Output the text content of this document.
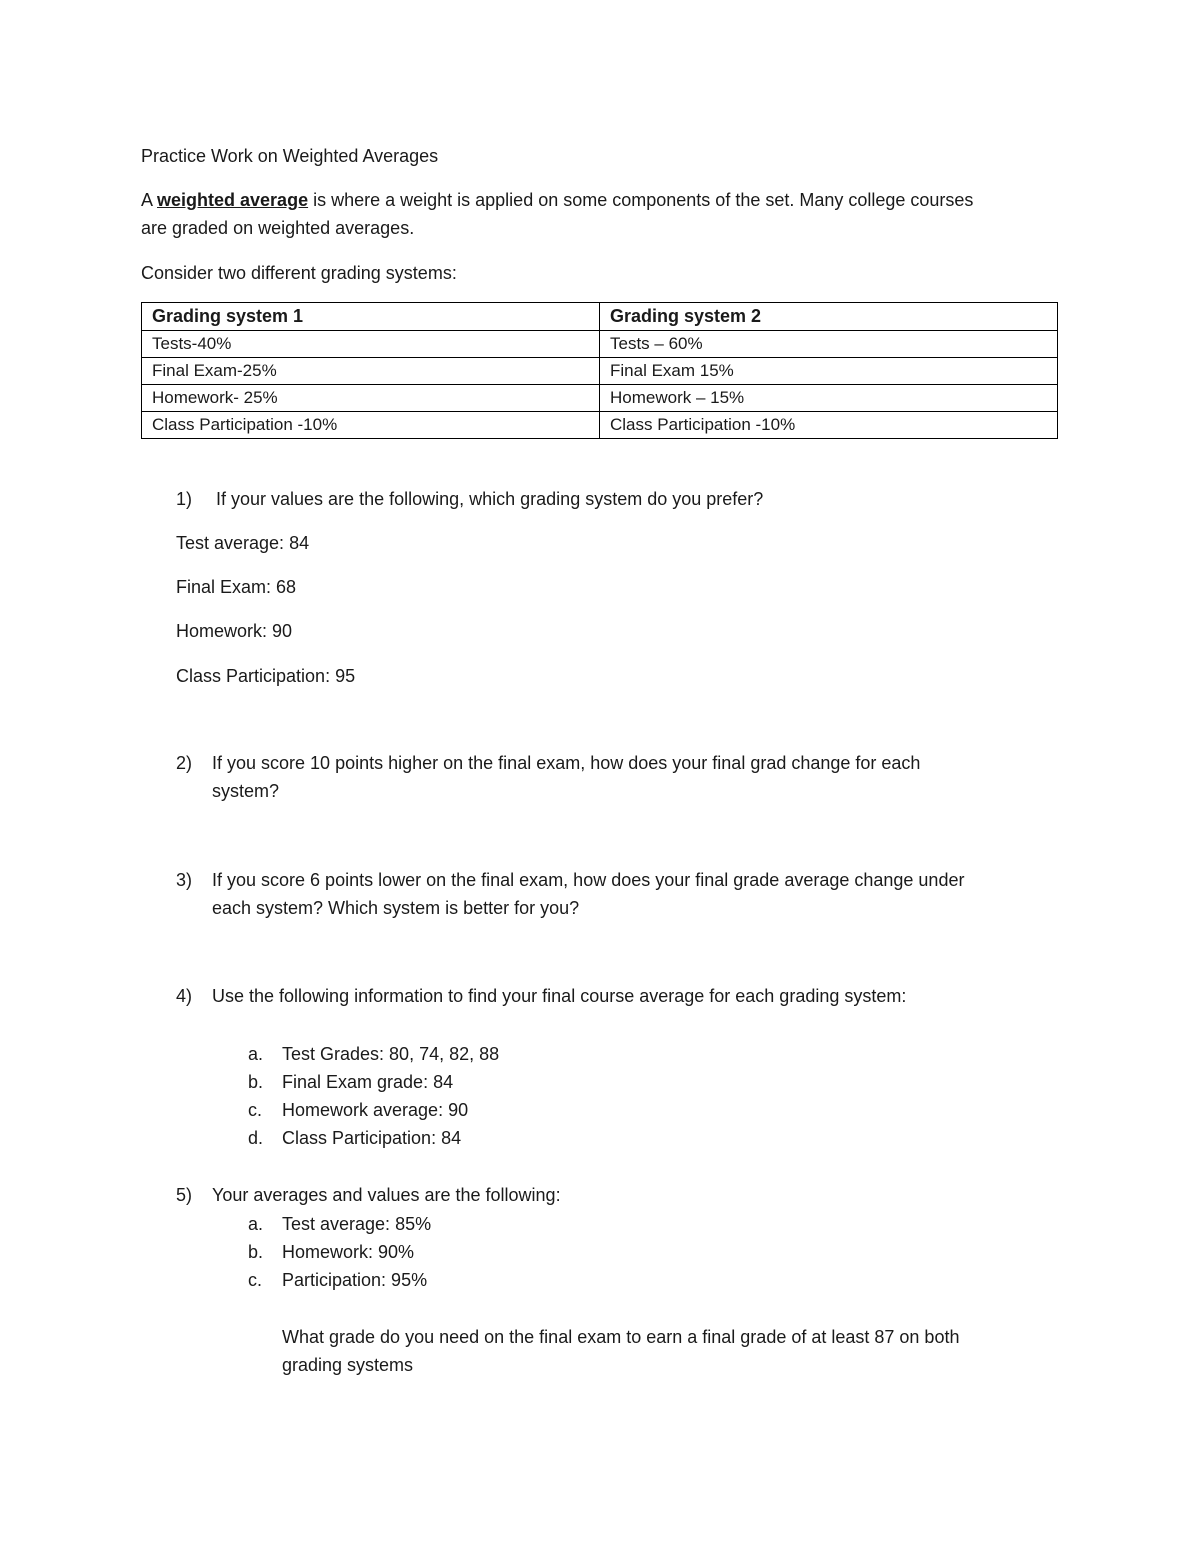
Practice Work on Weighted Averages
A weighted average is where a weight is applied on some components of the set. Many college courses
are graded on weighted averages.
Consider two different grading systems:
Grading system 1	Grading system 2
Tests-40%	Tests – 60%
Final Exam-25%	Final Exam 15%
Homework- 25%	Homework – 15%
Class Participation -10%	Class Participation -10%
1) If your values are the following, which grading system do you prefer?
Test average: 84
Final Exam: 68
Homework: 90
Class Participation: 95
2) If you score 10 points higher on the final exam, how does your final grad change for each
system?
3) If you score 6 points lower on the final exam, how does your final grade average change under
each system? Which system is better for you?
4) Use the following information to find your final course average for each grading system:
a. Test Grades: 80, 74, 82, 88
b. Final Exam grade: 84
c. Homework average: 90
d. Class Participation: 84
5) Your averages and values are the following:
a. Test average: 85%
b. Homework: 90%
c. Participation: 95%
What grade do you need on the final exam to earn a final grade of at least 87 on both
grading systems
